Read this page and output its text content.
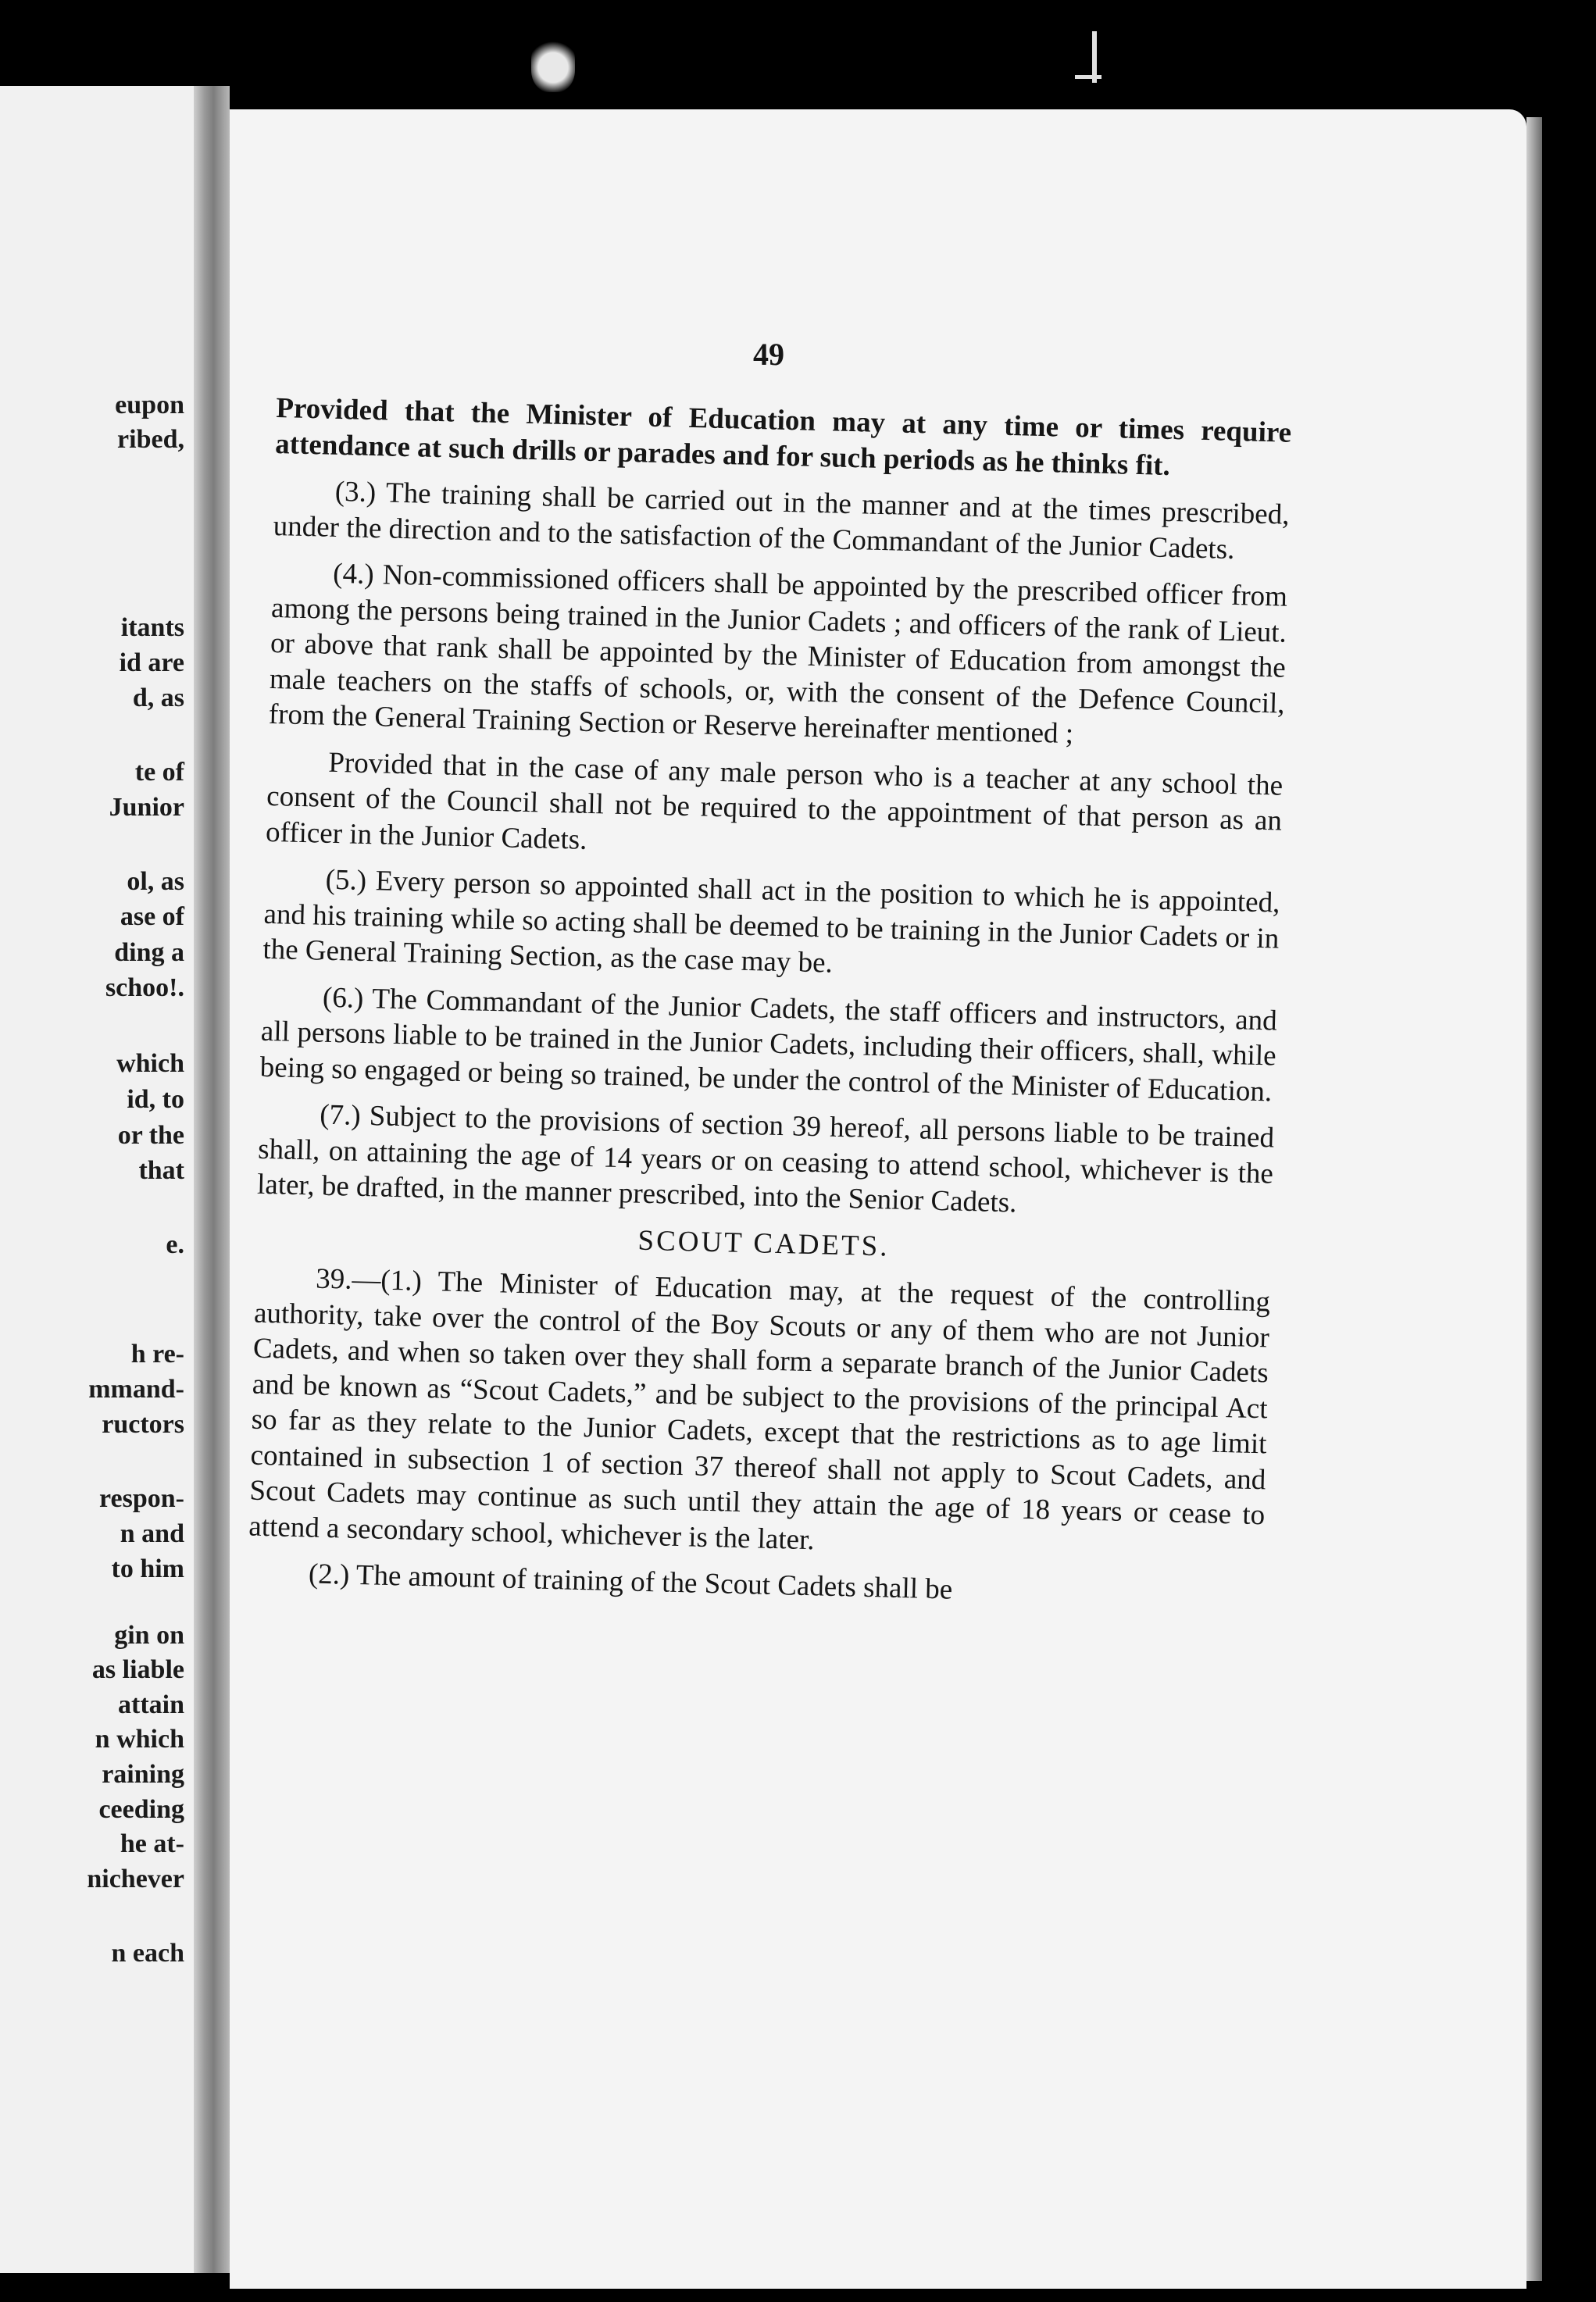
eupon
ribed,
itants
id are
d, as
te of
Junior
ol, as
ase of
ding a
schoo!.
which
id, to
or the
that
e.
h re-
mmand-
ructors
respon-
n and
to him
gin on
as liable
attain
n which
raining
ceeding
he at-
nichever
n each
49

Provided that the Minister of Education may at any time or times require attendance at such drills or parades and for such periods as he thinks fit.

(3.) The training shall be carried out in the manner and at the times prescribed, under the direction and to the satisfaction of the Commandant of the Junior Cadets.

(4.) Non-commissioned officers shall be appointed by the prescribed officer from among the persons being trained in the Junior Cadets ; and officers of the rank of Lieut. or above that rank shall be appointed by the Minister of Education from amongst the male teachers on the staffs of schools, or, with the consent of the Defence Council, from the General Training Section or Reserve hereinafter mentioned ;

Provided that in the case of any male person who is a teacher at any school the consent of the Council shall not be required to the appointment of that person as an officer in the Junior Cadets.

(5.) Every person so appointed shall act in the position to which he is appointed, and his training while so acting shall be deemed to be training in the Junior Cadets or in the General Training Section, as the case may be.

(6.) The Commandant of the Junior Cadets, the staff officers and instructors, and all persons liable to be trained in the Junior Cadets, including their officers, shall, while being so engaged or being so trained, be under the control of the Minister of Education.

(7.) Subject to the provisions of section 39 hereof, all persons liable to be trained shall, on attaining the age of 14 years or on ceasing to attend school, whichever is the later, be drafted, in the manner prescribed, into the Senior Cadets.

SCOUT CADETS.

39.—(1.) The Minister of Education may, at the request of the controlling authority, take over the control of the Boy Scouts or any of them who are not Junior Cadets, and when so taken over they shall form a separate branch of the Junior Cadets and be known as “Scout Cadets,” and be subject to the provisions of the principal Act so far as they relate to the Junior Cadets, except that the restrictions as to age limit contained in subsection 1 of section 37 thereof shall not apply to Scout Cadets, and Scout Cadets may continue as such until they attain the age of 18 years or cease to attend a secondary school, whichever is the later.

(2.) The amount of training of the Scout Cadets shall be
